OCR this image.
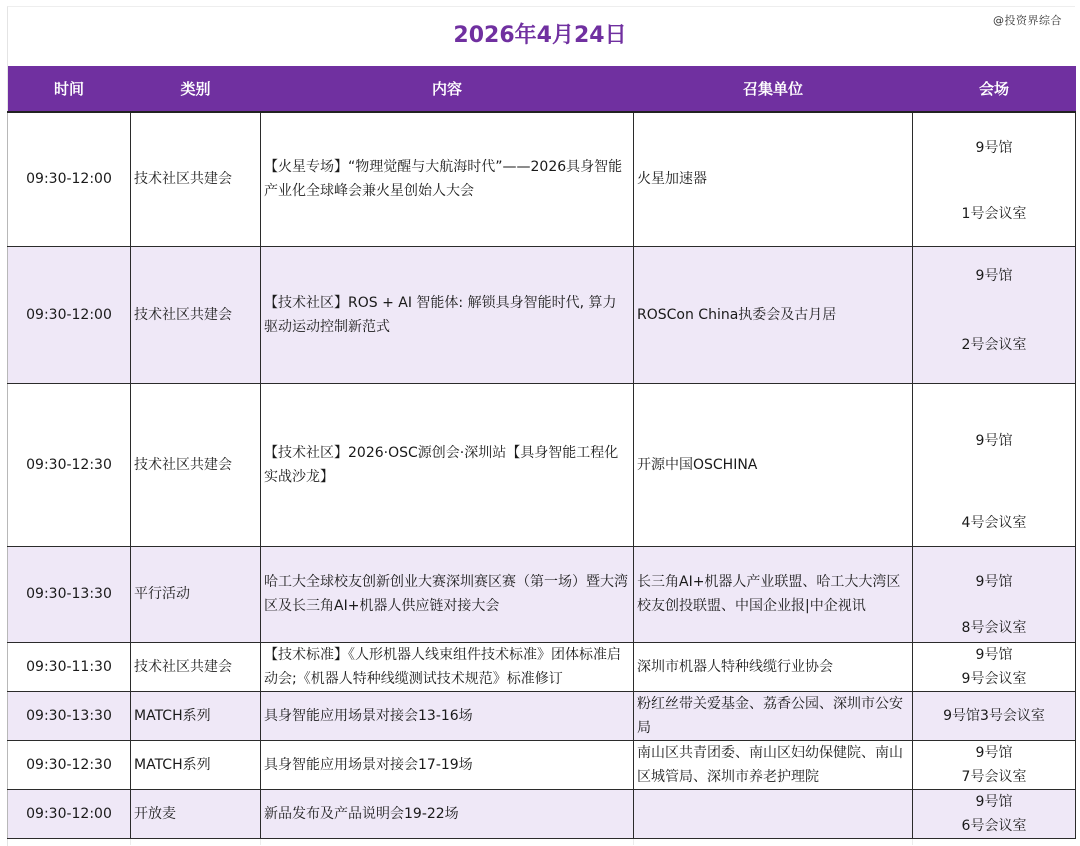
2026年4月24日
@投资界综合
时间	类别	内容	召集单位	会场
09:30-12:00	技术社区共建会	【火星专场】“物理觉醒与大航海时代”——2026具身智能产业化全球峰会兼火星创始人大会	火星加速器	9号馆
1号会议室

09:30-12:00	技术社区共建会	【技术社区】ROS + AI 智能体: 解锁具身智能时代, 算力驱动运动控制新范式	ROSCon China执委会及古月居	9号馆
2号会议室

09:30-12:30	技术社区共建会	【技术社区】2026·OSC源创会·深圳站【具身智能工程化实战沙龙】	开源中国OSCHINA	9号馆
4号会议室

09:30-13:30	平行活动	哈工大全球校友创新创业大赛深圳赛区赛（第一场）暨大湾区及长三角AI+机器人供应链对接大会	长三角AI+机器人产业联盟、哈工大大湾区校友创投联盟、中国企业报|中企视讯	9号馆
8号会议室

09:30-11:30	技术社区共建会	【技术标准】《人形机器人线束组件技术标准》团体标准启动会;《机器人特种线缆测试技术规范》标准修订	深圳市机器人特种线缆行业协会	9号馆
9号会议室

09:30-13:30	MATCH系列	具身智能应用场景对接会13-16场	粉红丝带关爱基金、荔香公园、深圳市公安局	9号馆3号会议室
09:30-12:30	MATCH系列	具身智能应用场景对接会17-19场	南山区共青团委、南山区妇幼保健院、南山区城管局、深圳市养老护理院	9号馆
7号会议室

09:30-12:00	开放麦	新品发布及产品说明会19-22场		9号馆
6号会议室
